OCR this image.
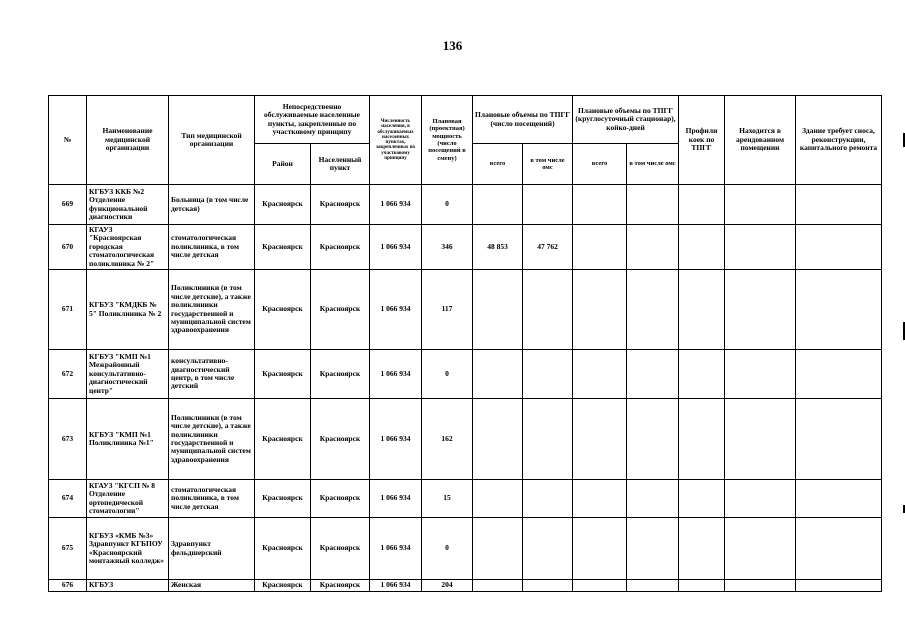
136
№	Наименование медицинской организации	Тип медицинской организации	Непосредственно обслуживаемые населенные пункты, закрепленные по участковому принципу		Численность населения, в обслуживаемых населенных пунктах, закрепленных по участковому принципу	Плановая (проектная) мощность (число посещений в смену)	Плановые объемы по ТПГГ (число посещений)		Плановые объемы по ТПГГ (круглосуточный стационар), койко-дней		Профили коек по ТПГГ	Находится в арендованном помещении	Здание требует сноса, реконструкции, капитального ремонта
			Район	Населенный пункт			всего	в том числе омс	всего	в том числе омс			
669	КГБУЗ ККБ №2 Отделение функциональной диагностики	Больница (в том числе детская)	Красноярск	Красноярск	1 066 934	0							
670	КГАУЗ "Красноярская городская стоматологическая поликлиника № 2"	стоматологическая поликлиника, в том числе детская	Красноярск	Красноярск	1 066 934	346	48 853	47 762					
671	КГБУЗ "КМДКБ № 5" Поликлиника № 2	Поликлиники (в том числе детские), а также поликлиники государственной и муниципальной систем здравоохранения	Красноярск	Красноярск	1 066 934	117							
672	КГБУЗ "КМП №1 Межрайонный консультативно-диагностический центр"	консультативно-диагностический центр, в том числе детский	Красноярск	Красноярск	1 066 934	0							
673	КГБУЗ "КМП №1 Поликлиника №1"	Поликлиники (в том числе детские), а также поликлиники государственной и муниципальной систем здравоохранения	Красноярск	Красноярск	1 066 934	162							
674	КГАУЗ "КГСП № 8 Отделение ортопедической стоматологии"	стоматологическая поликлиника, в том числе детская	Красноярск	Красноярск	1 066 934	15							
675	КГБУЗ «КМБ №3» Здравпункт КГБПОУ «Красноярский монтажный колледж»	Здравпункт фельдшерский	Красноярск	Красноярск	1 066 934	0							
676	КГБУЗ	Женская	Красноярск	Красноярск	1 066 934	204							
